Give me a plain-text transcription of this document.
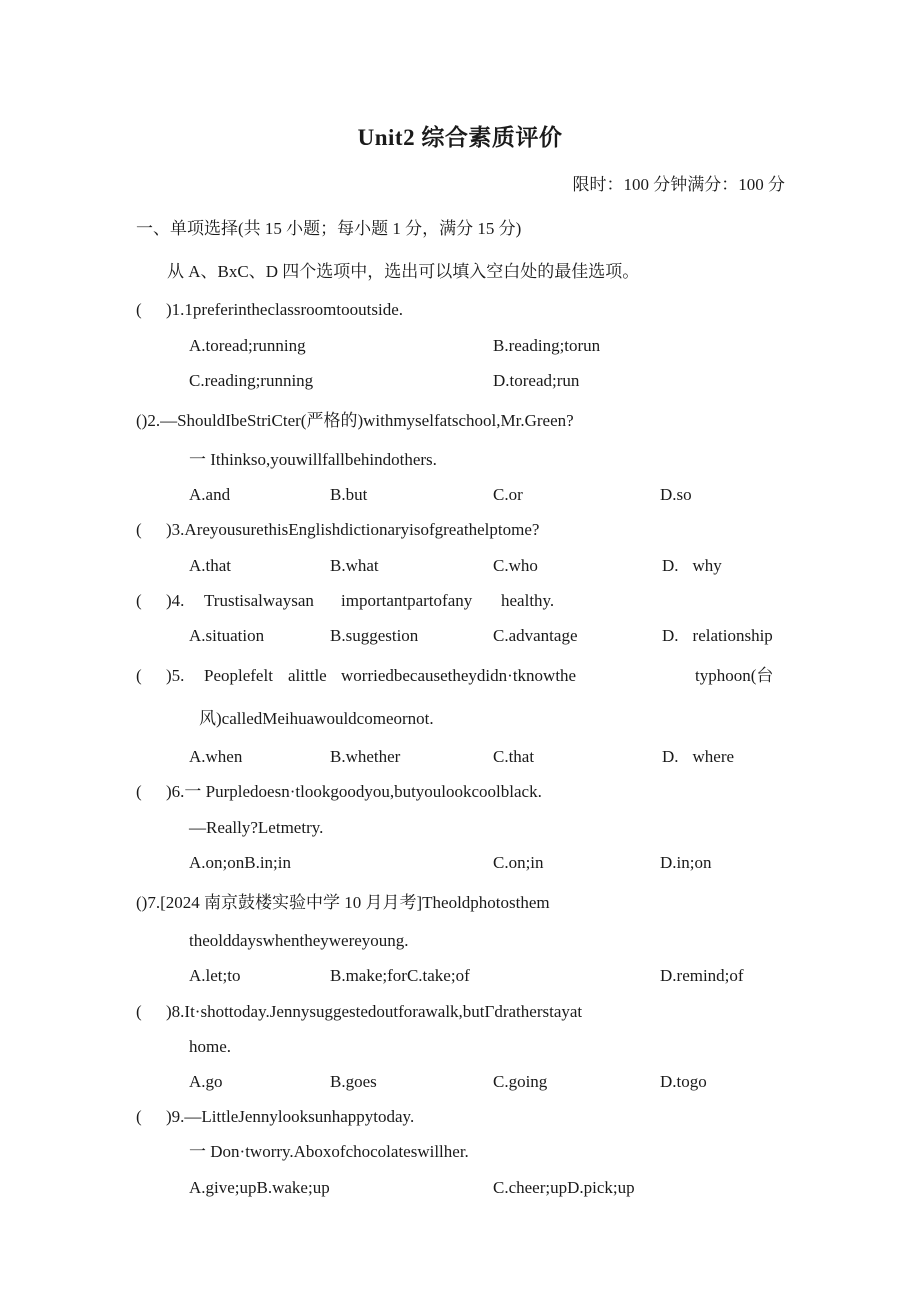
Unit2 综合素质评价
限时：100 分钟满分：100 分
一、单项选择(共 15 小题；每小题 1 分，满分 15 分)
从 A、BxC、D 四个选项中，选出可以填入空白处的最佳选项。
( )1.1preferintheclassroomtooutside.
A.toread;running	B.reading;torun
C.reading;running	D.toread;run
()2.—ShouldIbeStriCter(严格的)withmyselfatschool,Mr.Green?
一 Ithinkso,youwillfallbehindothers.
A.and	B.but	C.or	D.so
( )3.AreyousurethisEnglishdictionaryisofgreathelptome?
A.that	B.what	C.who	D. why
( )4. Trustisalwaysan importantpartofany healthy.
A.situation	B.suggestion	C.advantage	D. relationship
( )5. Peoplefelt alittle worriedbecausetheydidn·tknowthe	typhoon(台
风)calledMeihuawouldcomeornot.
A.when	B.whether	C.that	D. where
( )6.一 Purpledoesn·tlookgoodyou,butyoulookcoolblack.
—Really?Letmetry.
A.on;onB.in;in	C.on;in	D.in;on
()7.[2024 南京鼓楼实验中学 10 月月考]Theoldphotosthem
theolddayswhentheywereyoung.
A.let;to	B.make;forC.take;of	D.remind;of
( )8.It·shottoday.Jennysuggestedoutforawalk,butΓdratherstayat
home.
A.go	B.goes	C.going	D.togo
( )9.—LittleJennylooksunhappytoday.
一 Don·tworry.Aboxofchocolateswillher.
A.give;upB.wake;up	C.cheer;upD.pick;up
